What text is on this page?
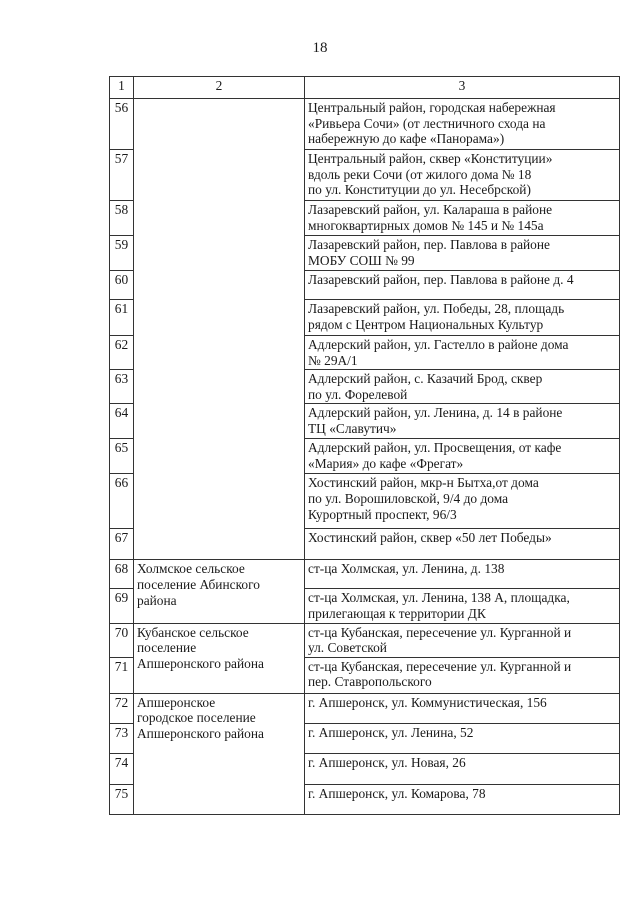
18
1	2	3
56		Центральный район, городская набережная
«Ривьера Сочи» (от лестничного схода на
набережную до кафе «Панорама»)

57		Центральный район, сквер «Конституции»
вдоль реки Сочи (от жилого дома № 18
по ул. Конституции до ул. Несебрской)

58		Лазаревский район, ул. Калараша в районе
многоквартирных домов № 145 и № 145а

59		Лазаревский район, пер. Павлова в районе
МОБУ СОШ № 99

60		Лазаревский район, пер. Павлова в районе д. 4

61		Лазаревский район, ул. Победы, 28, площадь
рядом с Центром Национальных Культур

62		Адлерский район, ул. Гастелло в районе дома
№ 29А/1

63		Адлерский район, с. Казачий Брод, сквер
по ул. Форелевой

64		Адлерский район, ул. Ленина, д. 14 в районе
ТЦ «Славутич»

65		Адлерский район, ул. Просвещения, от кафе
«Мария» до кафе «Фрегат»

66		Хостинский район, мкр-н Бытха,от дома
по ул. Ворошиловской, 9/4 до дома
Курортный проспект, 96/3

67		Хостинский район, сквер «50 лет Победы»

68	Холмское сельское
поселение Абинского
района	ст-ца Холмская, ул. Ленина, д. 138

69		ст-ца Холмская, ул. Ленина, 138 А, площадка,
прилегающая к территории ДК

70	Кубанское сельское
поселение
Апшеронского района	ст-ца Кубанская, пересечение ул. Курганной и
ул. Советской

71		ст-ца Кубанская, пересечение ул. Курганной и
пер. Ставропольского

72	Апшеронское
городское поселение
Апшеронского района	г. Апшеронск, ул. Коммунистическая, 156

73		г. Апшеронск, ул. Ленина, 52

74		г. Апшеронск, ул. Новая, 26

75		г. Апшеронск, ул. Комарова, 78
